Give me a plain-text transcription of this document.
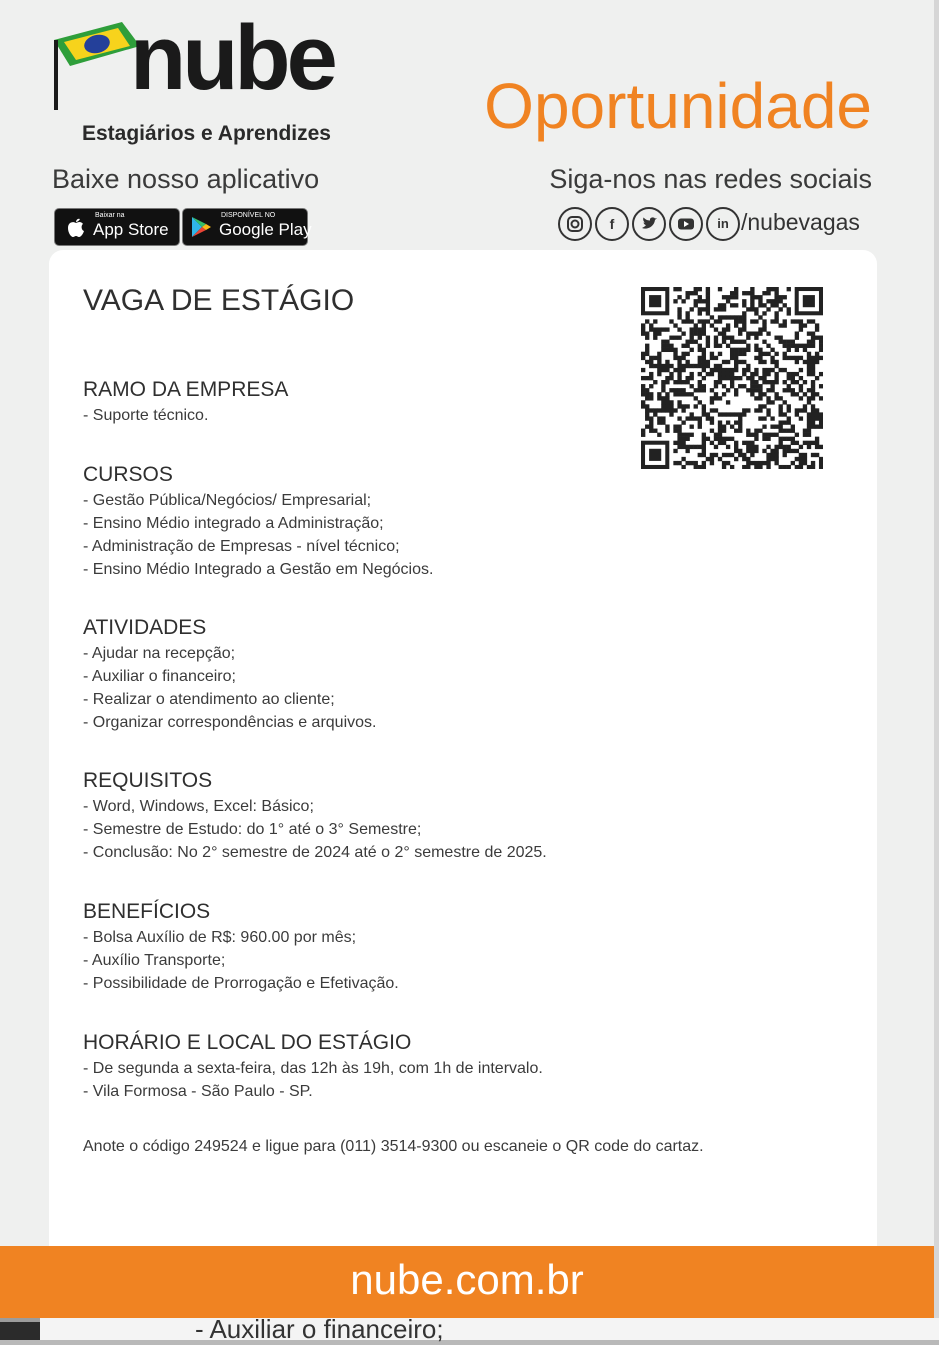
nube
Estagiários e Aprendizes Oportunidade
Baixe nosso aplicativo	Siga-nos nas redes sociais
Baixar na
App Store
DISPONÍVEL NO
Google Play	f	in /nubevagas
VAGA DE ESTÁGIO
RAMO DA EMPRESA
- Suporte técnico.
CURSOS
- Gestão Pública/Negócios/ Empresarial;
- Ensino Médio integrado a Administração;
- Administração de Empresas - nível técnico;
- Ensino Médio Integrado a Gestão em Negócios.
ATIVIDADES
- Ajudar na recepção;
- Auxiliar o financeiro;
- Realizar o atendimento ao cliente;
- Organizar correspondências e arquivos.
REQUISITOS
- Word, Windows, Excel: Básico;
- Semestre de Estudo: do 1° até o 3° Semestre;
- Conclusão: No 2° semestre de 2024 até o 2° semestre de 2025.
BENEFÍCIOS
- Bolsa Auxílio de R$: 960.00 por mês;
- Auxílio Transporte;
- Possibilidade de Prorrogação e Efetivação.
HORÁRIO E LOCAL DO ESTÁGIO
- De segunda a sexta-feira, das 12h às 19h, com 1h de intervalo.
- Vila Formosa - São Paulo - SP.
Anote o código 249524 e ligue para (011) 3514-9300 ou escaneie o QR code do cartaz.
nube.com.br
- Auxiliar o financeiro;
